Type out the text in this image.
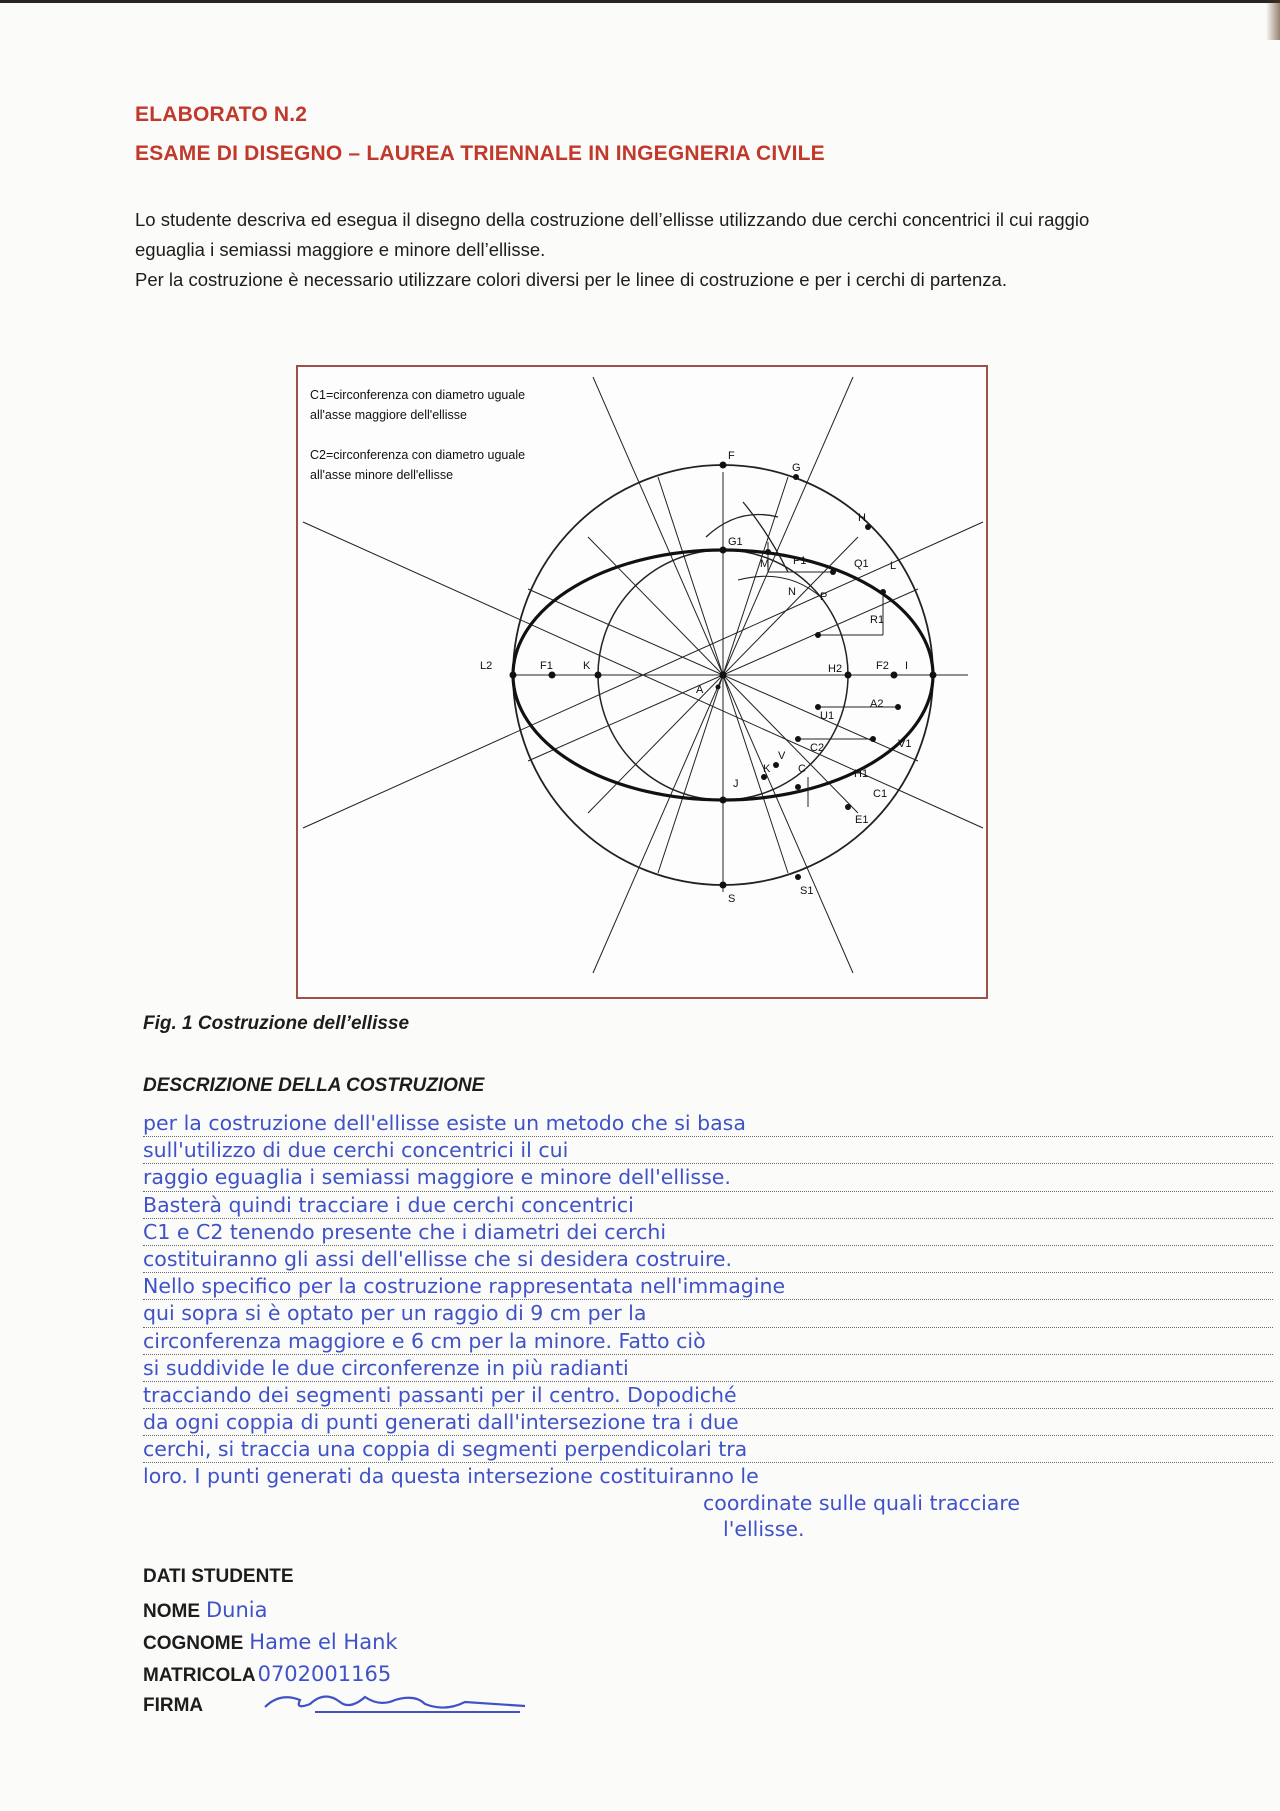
ELABORATO N.2
ESAME DI DISEGNO – LAUREA TRIENNALE IN INGEGNERIA CIVILE

Lo studente descriva ed esegua il disegno della costruzione dell’ellisse utilizzando due cerchi concentrici il cui raggio eguaglia i semiassi maggiore e minore dell’ellisse.

Per la costruzione è necessario utilizzare colori diversi per le linee di costruzione e per i cerchi di partenza.

F
G
H
G1
M P1	Q1 L
N P
R1
L2	F1	K
A
H2	F2 I
U1
A2
C2
V
V1
K	C
J
H1
C1
E1
S
S1
C1=circonferenza con diametro uguale
all'asse maggiore dell'ellisse
C2=circonferenza con diametro uguale
all'asse minore dell'ellisse
Fig. 1 Costruzione dell’ellisse
DESCRIZIONE DELLA COSTRUZIONE
per la costruzione dell'ellisse esiste un metodo che si basa
sull'utilizzo di due cerchi concentrici il cui
raggio eguaglia i semiassi maggiore e minore dell'ellisse.
Basterà quindi tracciare i due cerchi concentrici
C1 e C2 tenendo presente che i diametri dei cerchi
costituiranno gli assi dell'ellisse che si desidera costruire.
Nello specifico per la costruzione rappresentata nell'immagine
qui sopra si è optato per un raggio di 9 cm per la
circonferenza maggiore e 6 cm per la minore. Fatto ciò
si suddivide le due circonferenze in più radianti
tracciando dei segmenti passanti per il centro. Dopodiché
da ogni coppia di punti generati dall'intersezione tra i due
cerchi, si traccia una coppia di segmenti perpendicolari tra
loro. I punti generati da questa intersezione costituiranno le
coordinate sulle quali tracciare
l'ellisse.
DATI STUDENTE
NOME Dunia
COGNOME Hame el Hank
MATRICOLA0702001165
FIRMA
